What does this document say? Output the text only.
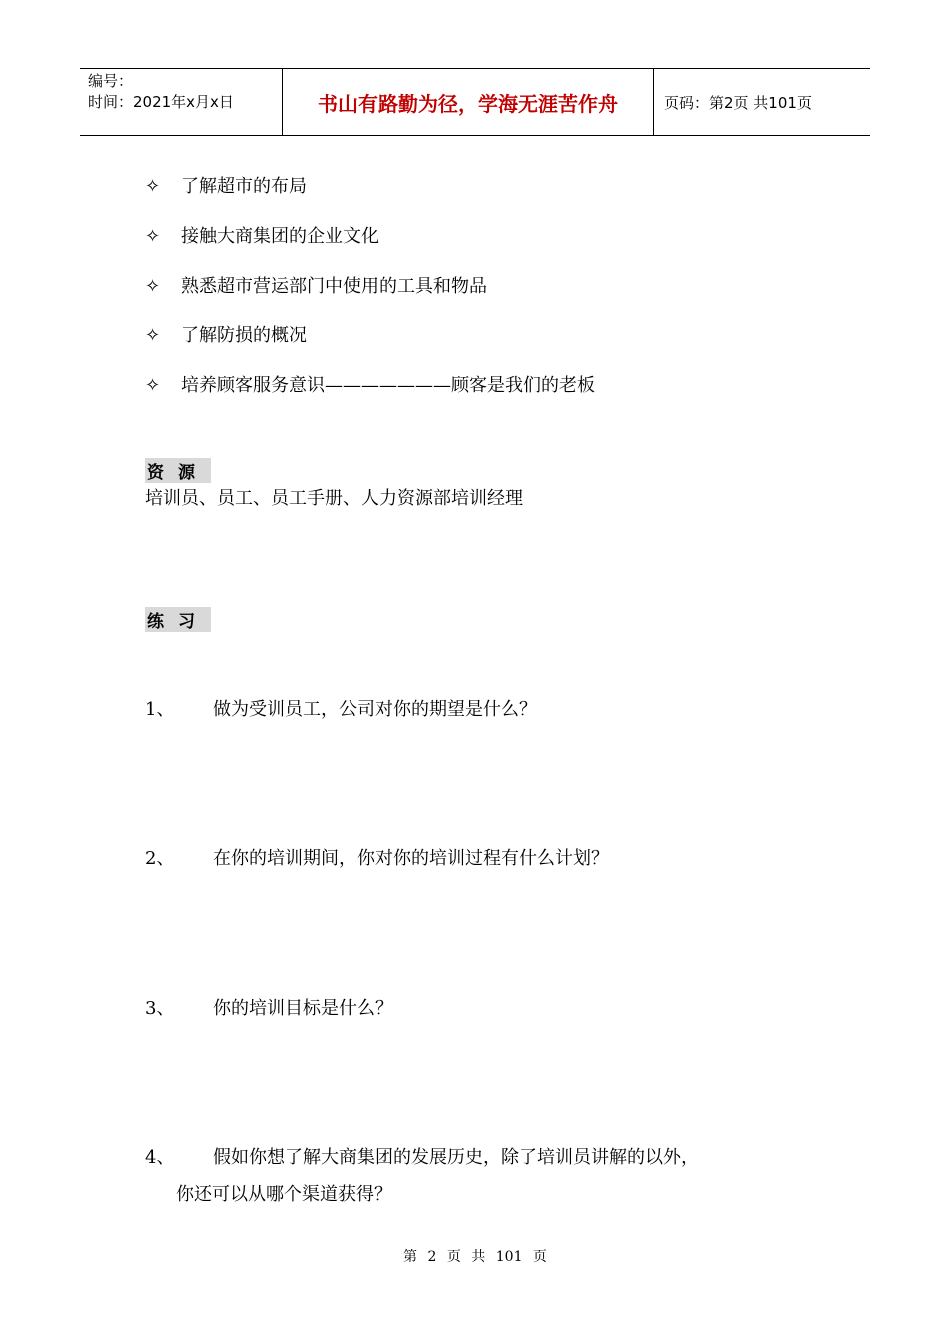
编号：
时间：2021年x月x日	书山有路勤为径，学海无涯苦作舟	页码：第2页 共101页
✧ 了解超市的布局
✧ 接触大商集团的企业文化
✧ 熟悉超市营运部门中使用的工具和物品
✧ 了解防损的概况
✧ 培养顾客服务意识———————顾客是我们的老板
资源
培训员、员工、员工手册、人力资源部培训经理
练习
1、 做为受训员工，公司对你的期望是什么？
2、 在你的培训期间，你对你的培训过程有什么计划？
3、 你的培训目标是什么？
4、 假如你想了解大商集团的发展历史，除了培训员讲解的以外，
你还可以从哪个渠道获得？
第 2 页 共 101 页
